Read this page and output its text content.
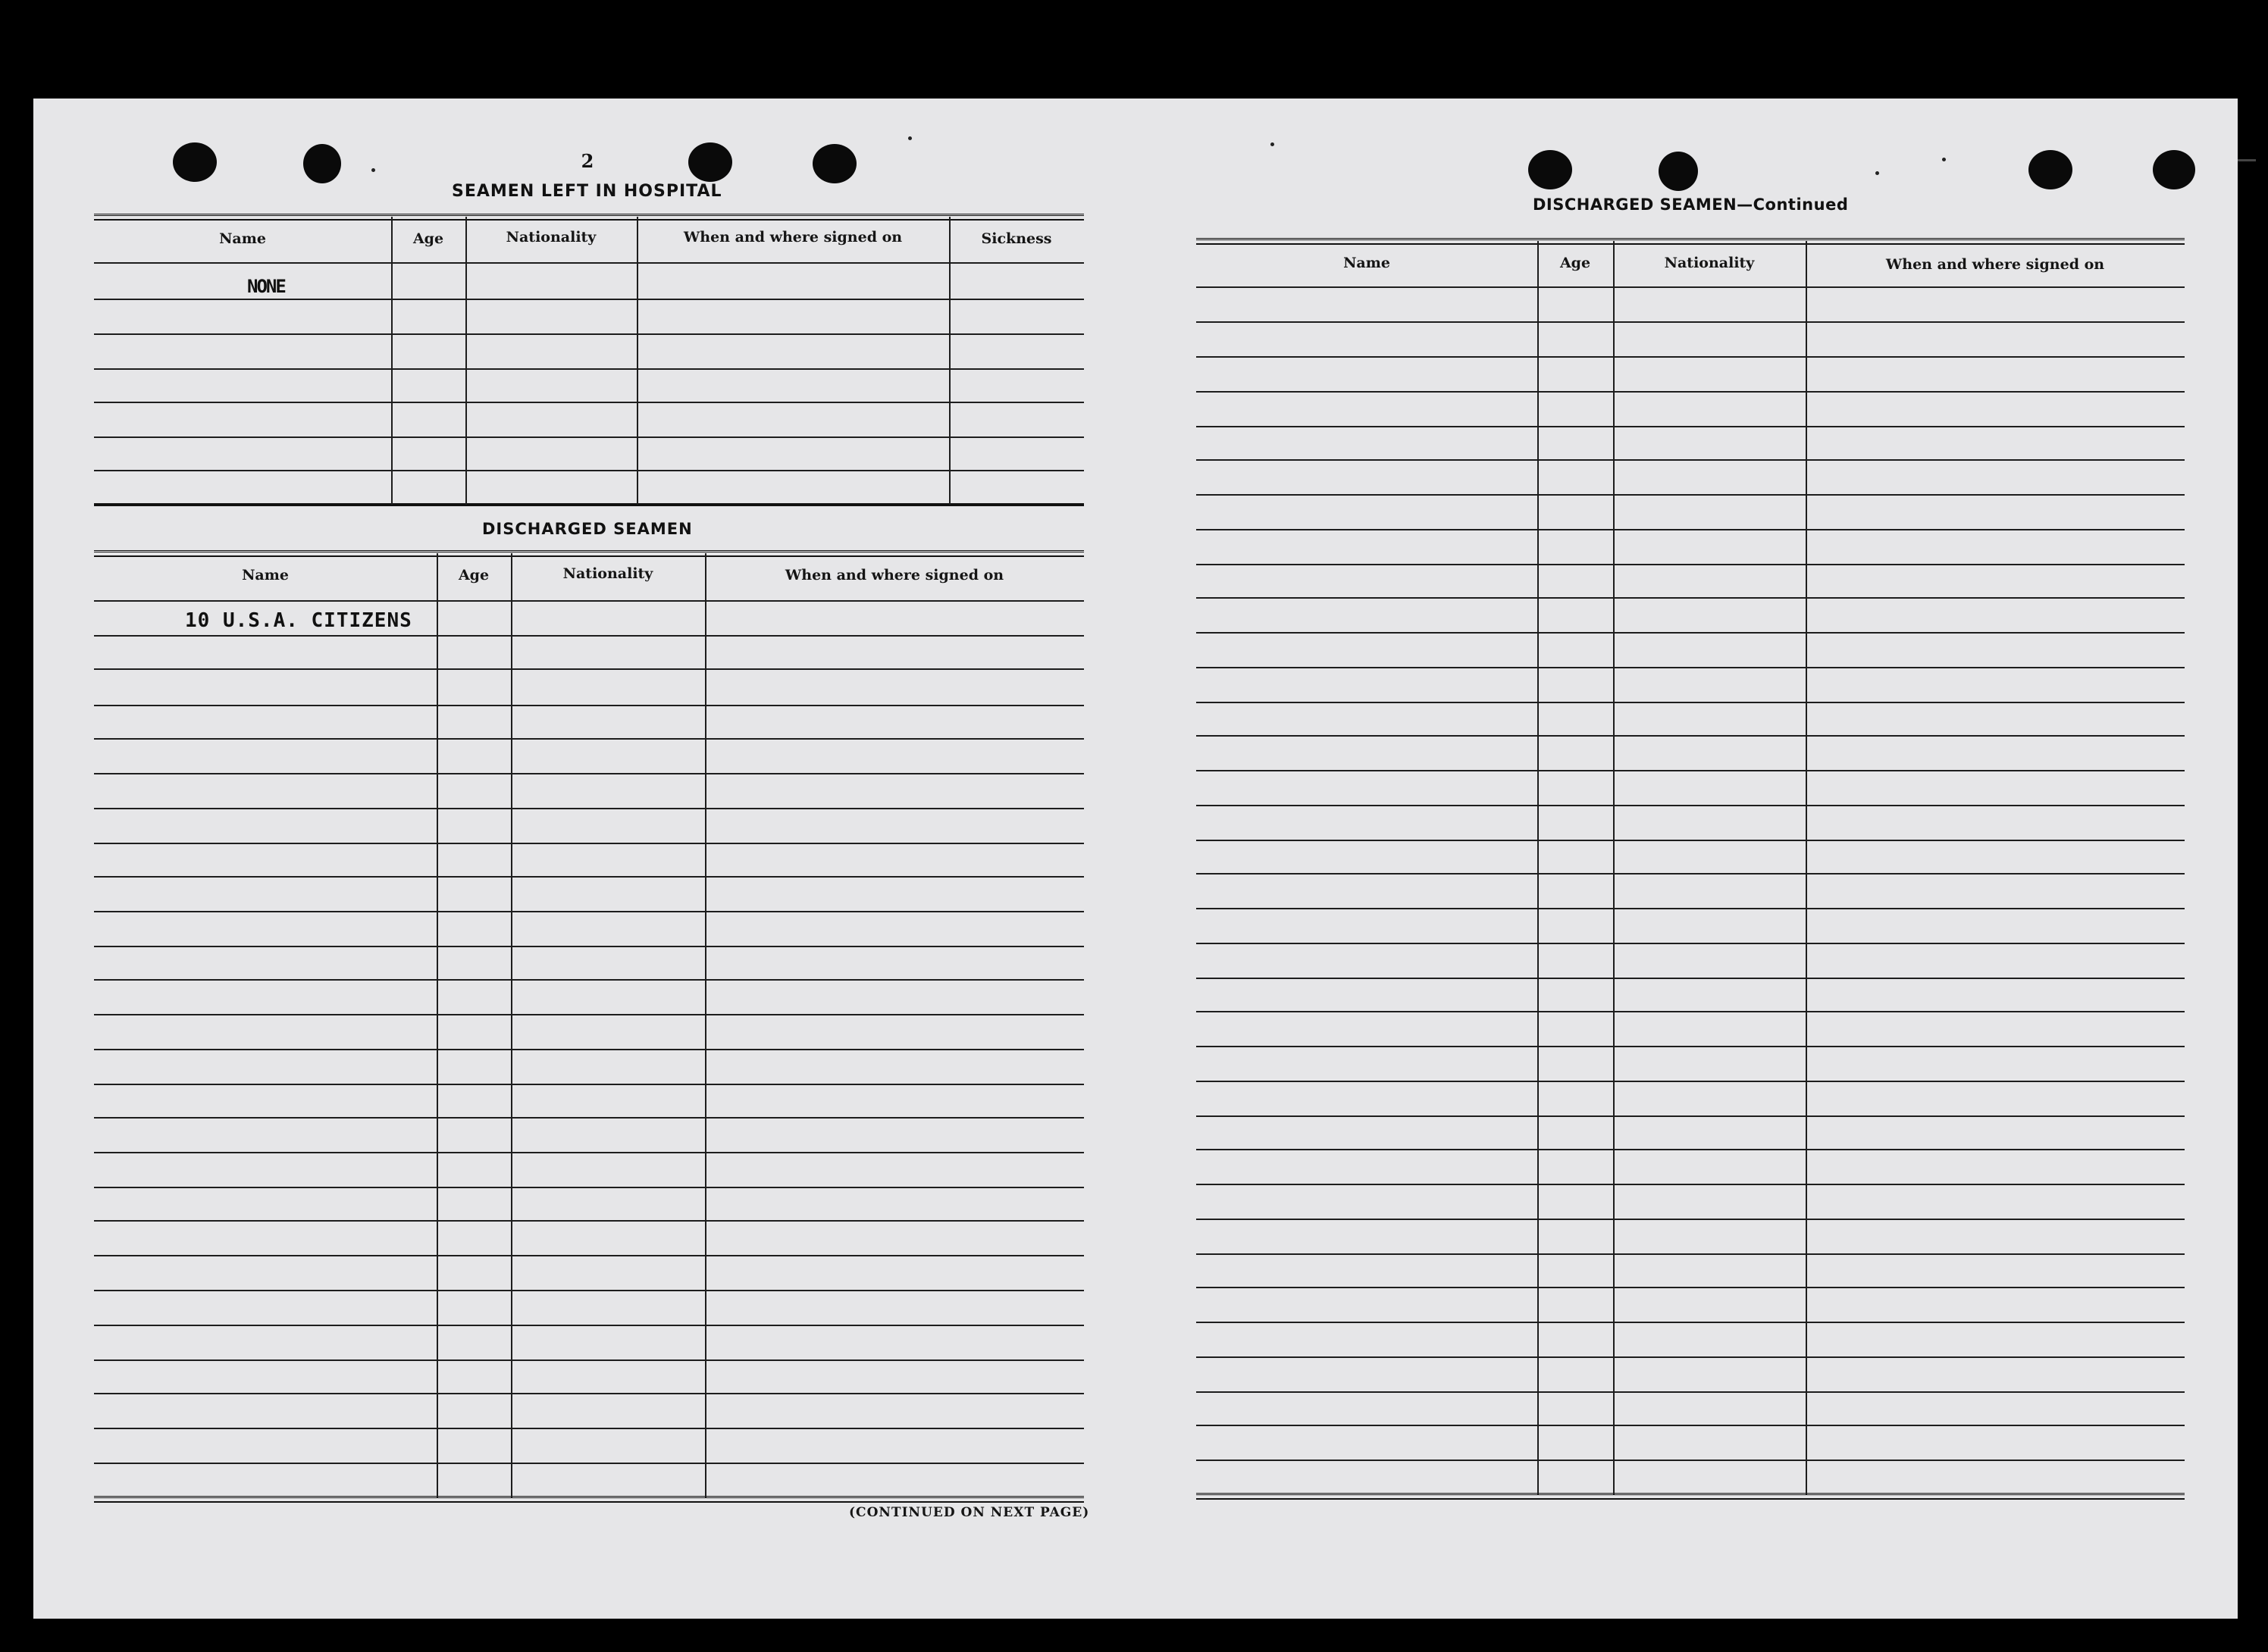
2
SEAMEN LEFT IN HOSPITAL
Name	Age	Nationality	When and where signed on	Sickness
NONE
DISCHARGED SEAMEN
Name	Age	Nationality	When and where signed on
10 U.S.A. CITIZENS
(CONTINUED ON NEXT PAGE)
DISCHARGED SEAMEN—Continued
Name	Age	Nationality	When and where signed on
